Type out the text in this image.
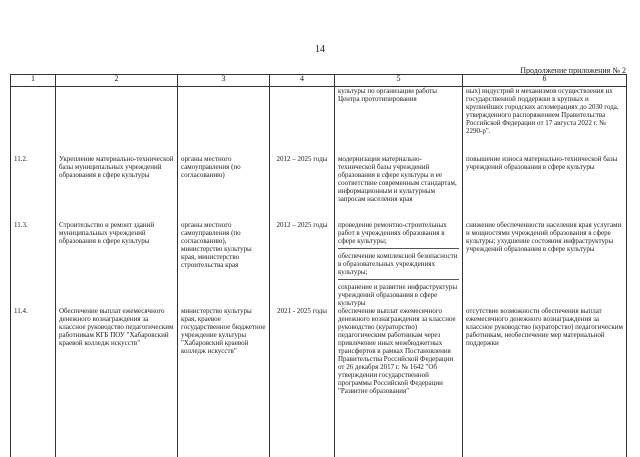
14
Продолжение приложения № 2
1	2	3	4	5	6
				культуры по организации работы Центра прототипирования	ных) индустрий и механизмов осуществления их государственной поддержки в крупных и крупнейших городских агломерациях до 2030 года, утвержденного распоряжением Правительства Российской Федерации от 17 августа 2022 г. № 2290-р".
11.2.	Укрепление материально-технической базы муниципальных учреждений образования в сфере культуры	органы местного самоуправления (по согласованию)	2012 – 2025 годы	модернизация материально-технической базы учреждений образования в сфере культуры и ее соответствие современным стандартам, информационным и культурным запросам населения края	повышение износа материально-технической базы учреждений образования в сфере культуры
11.3.	Строительство и ремонт зданий муниципальных учреждений образования в сфере культуры	органы местного самоуправления (по согласованию), министерство культуры края, министерство строительства края	2012 – 2025 годы	проведение ремонтно-строительных работ в учреждениях образования в сфере культуры;
обеспечение комплексной безопасности в образовательных учреждениях культуры;
сохранение и развитие инфраструктуры учреждений образования в сфере культуры	снижение обеспеченности населения края услугами и мощностями учреждений образования в сфере культуры; ухудшение состояния инфраструктуры учреждений образования в сфере культуры
11.4.	Обеспечение выплат ежемесячного денежного вознаграждения за классное руководство педагогическим работникам КГБ ПОУ "Хабаровский краевой колледж искусств"	министерство культуры края, краевое государственное бюджетное учреждение культуры "Хабаровский краевой колледж искусств"	2021 - 2025 годы	обеспечение выплат ежемесячного денежного вознаграждения за классное руководство (кураторство) педагогическим работникам через привлечение иных межбюджетных трансфертов в рамках Постановления Правительства Российской Федерации от 26 декабря 2017 г. № 1642 "Об утверждении государственной программы Российской Федерации "Развитие образования"	отсутствие возможности обеспечения выплат ежемесячного денежного вознаграждения за классное руководство (кураторство) педагогическим работникам, необеспечение мер материальной поддержки
